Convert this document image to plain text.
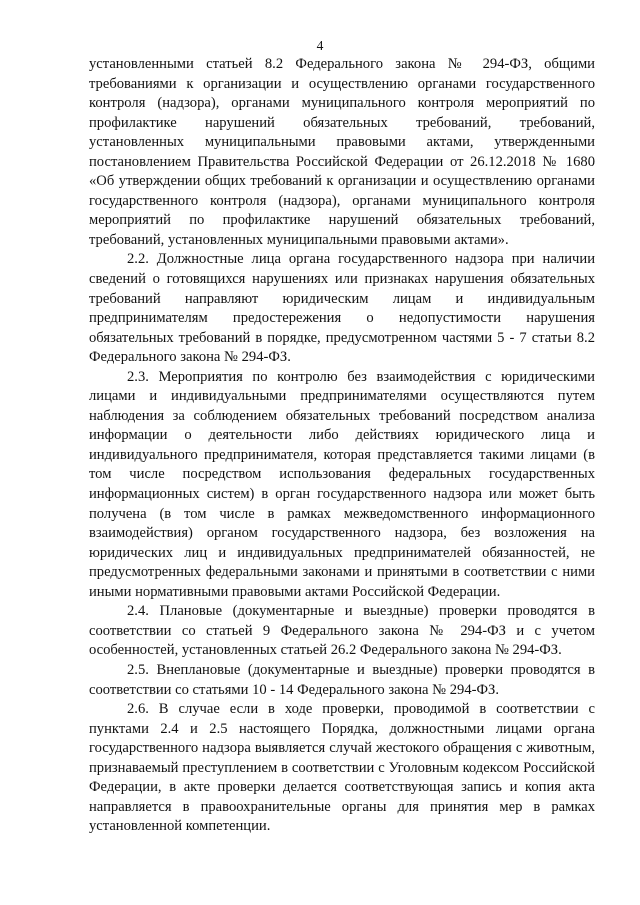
4

установленными статьей 8.2 Федерального закона № 294-ФЗ, общими требованиями к организации и осуществлению органами государственного контроля (надзора), органами муниципального контроля мероприятий по профилактике нарушений обязательных требований, требований, установленных муниципальными правовыми актами, утвержденными постановлением Правительства Российской Федерации от 26.12.2018 № 1680 «Об утверждении общих требований к организации и осуществлению органами государственного контроля (надзора), органами муниципального контроля мероприятий по профилактике нарушений обязательных требований, требований, установленных муниципальными правовыми актами».

2.2. Должностные лица органа государственного надзора при наличии сведений о готовящихся нарушениях или признаках нарушения обязательных требований направляют юридическим лицам и индивидуальным предпринимателям предостережения о недопустимости нарушения обязательных требований в порядке, предусмотренном частями 5 - 7 статьи 8.2 Федерального закона № 294-ФЗ.

2.3. Мероприятия по контролю без взаимодействия с юридическими лицами и индивидуальными предпринимателями осуществляются путем наблюдения за соблюдением обязательных требований посредством анализа информации о деятельности либо действиях юридического лица и индивидуального предпринимателя, которая представляется такими лицами (в том числе посредством использования федеральных государственных информационных систем) в орган государственного надзора или может быть получена (в том числе в рамках межведомственного информационного взаимодействия) органом государственного надзора, без возложения на юридических лиц и индивидуальных предпринимателей обязанностей, не предусмотренных федеральными законами и принятыми в соответствии с ними иными нормативными правовыми актами Российской Федерации.

2.4. Плановые (документарные и выездные) проверки проводятся в соответствии со статьей 9 Федерального закона № 294-ФЗ и с учетом особенностей, установленных статьей 26.2 Федерального закона № 294-ФЗ.

2.5. Внеплановые (документарные и выездные) проверки проводятся в соответствии со статьями 10 - 14 Федерального закона № 294-ФЗ.

2.6. В случае если в ходе проверки, проводимой в соответствии с пунктами 2.4 и 2.5 настоящего Порядка, должностными лицами органа государственного надзора выявляется случай жестокого обращения с животным, признаваемый преступлением в соответствии с Уголовным кодексом Российской Федерации, в акте проверки делается соответствующая запись и копия акта направляется в правоохранительные органы для принятия мер в рамках установленной компетенции.
